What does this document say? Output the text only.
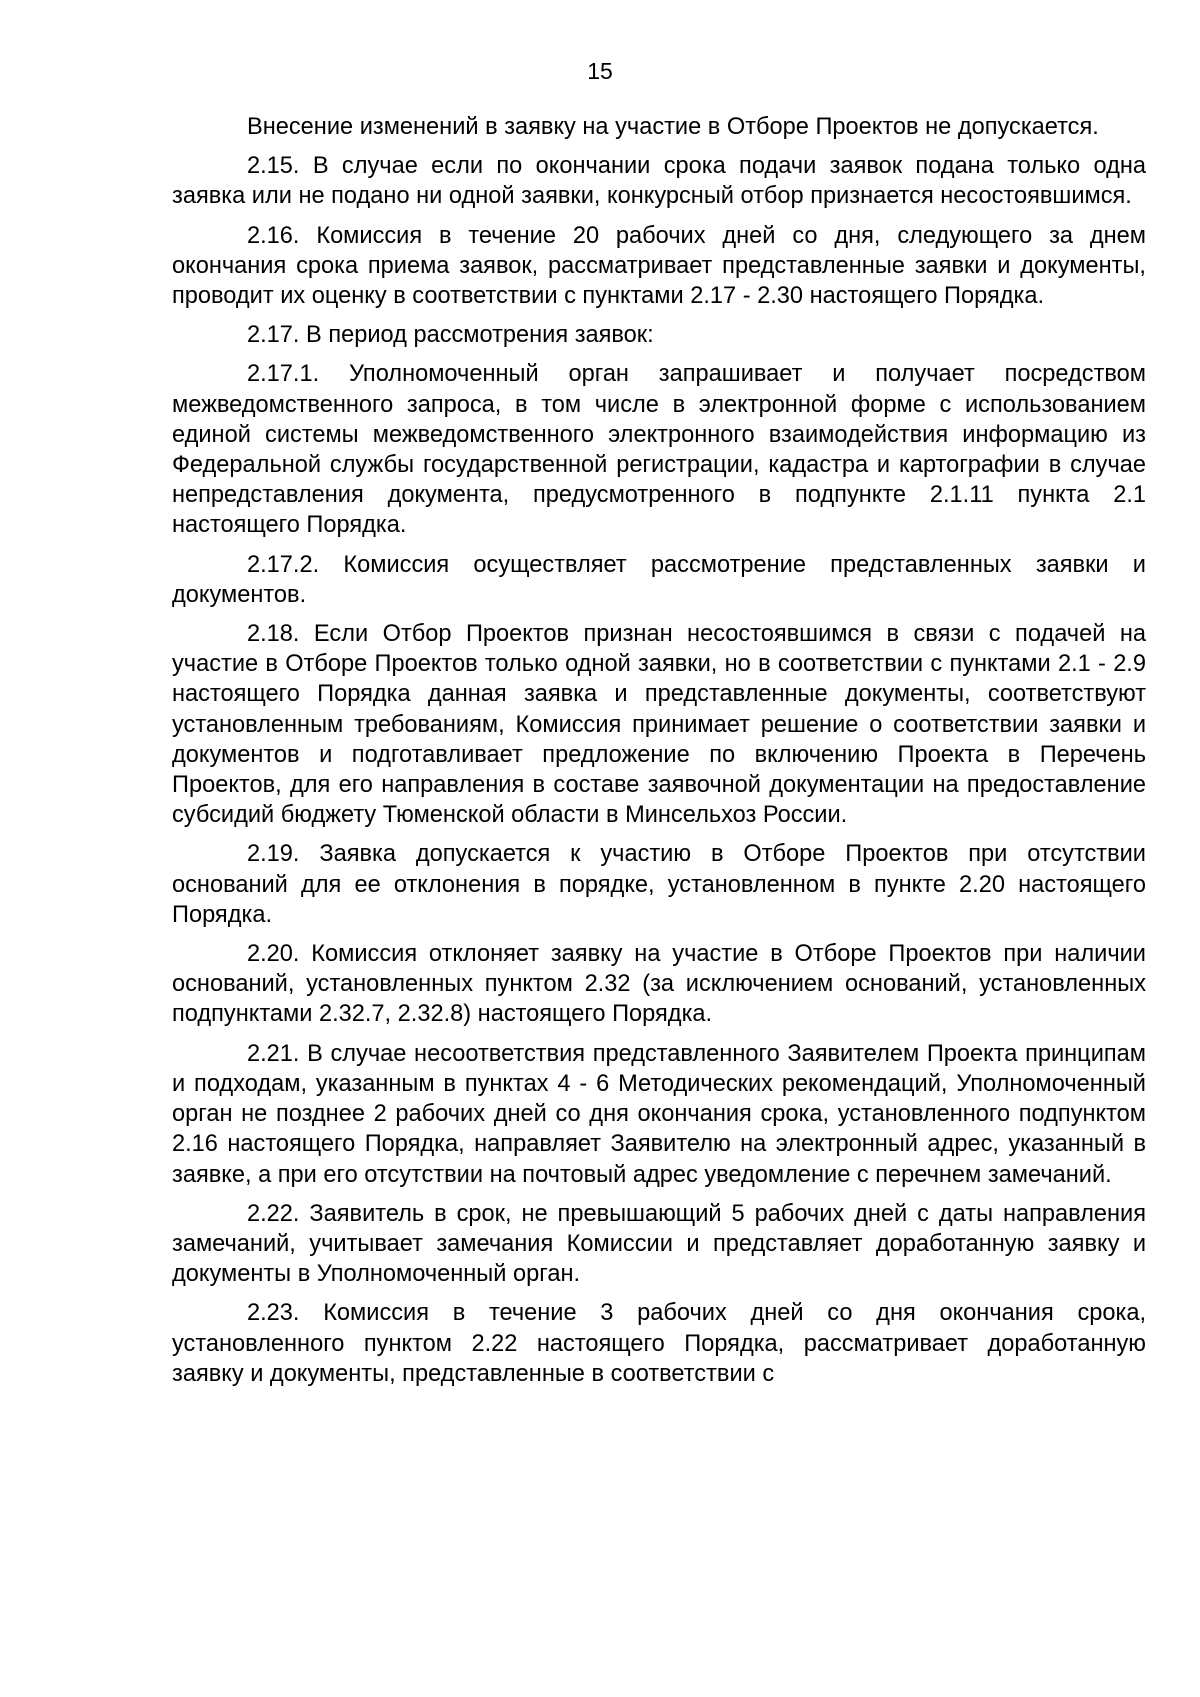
15

Внесение изменений в заявку на участие в Отборе Проектов не допускается.

2.15. В случае если по окончании срока подачи заявок подана только одна заявка или не подано ни одной заявки, конкурсный отбор признается несостоявшимся.

2.16. Комиссия в течение 20 рабочих дней со дня, следующего за днем окончания срока приема заявок, рассматривает представленные заявки и документы, проводит их оценку в соответствии с пунктами 2.17 - 2.30 настоящего Порядка.

2.17. В период рассмотрения заявок:

2.17.1. Уполномоченный орган запрашивает и получает посредством межведомственного запроса, в том числе в электронной форме с использованием единой системы межведомственного электронного взаимодействия информацию из Федеральной службы государственной регистрации, кадастра и картографии в случае непредставления документа, предусмотренного в подпункте 2.1.11 пункта 2.1 настоящего Порядка.

2.17.2. Комиссия осуществляет рассмотрение представленных заявки и документов.

2.18. Если Отбор Проектов признан несостоявшимся в связи с подачей на участие в Отборе Проектов только одной заявки, но в соответствии с пунктами 2.1 - 2.9 настоящего Порядка данная заявка и представленные документы, соответствуют установленным требованиям, Комиссия принимает решение о соответствии заявки и документов и подготавливает предложение по включению Проекта в Перечень Проектов, для его направления в составе заявочной документации на предоставление субсидий бюджету Тюменской области в Минсельхоз России.

2.19. Заявка допускается к участию в Отборе Проектов при отсутствии оснований для ее отклонения в порядке, установленном в пункте 2.20 настоящего Порядка.

2.20. Комиссия отклоняет заявку на участие в Отборе Проектов при наличии оснований, установленных пунктом 2.32 (за исключением оснований, установленных подпунктами 2.32.7, 2.32.8) настоящего Порядка.

2.21. В случае несоответствия представленного Заявителем Проекта принципам и подходам, указанным в пунктах 4 - 6 Методических рекомендаций, Уполномоченный орган не позднее 2 рабочих дней со дня окончания срока, установленного подпунктом 2.16 настоящего Порядка, направляет Заявителю на электронный адрес, указанный в заявке, а при его отсутствии на почтовый адрес уведомление с перечнем замечаний.

2.22. Заявитель в срок, не превышающий 5 рабочих дней с даты направления замечаний, учитывает замечания Комиссии и представляет доработанную заявку и документы в Уполномоченный орган.

2.23. Комиссия в течение 3 рабочих дней со дня окончания срока, установленного пунктом 2.22 настоящего Порядка, рассматривает доработанную заявку и документы, представленные в соответствии с
